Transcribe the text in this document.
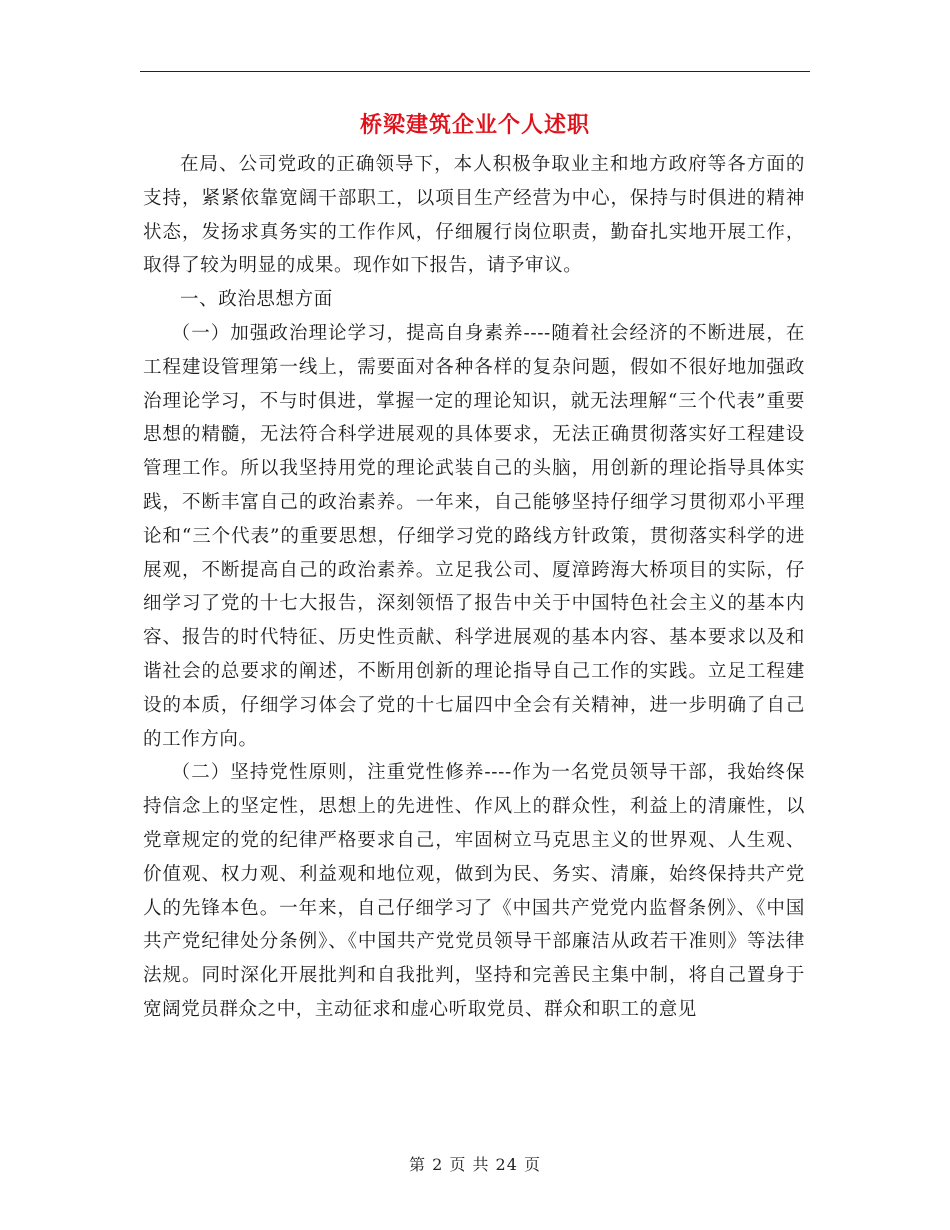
桥梁建筑企业个人述职

在局、公司党政的正确领导下，本人积极争取业主和地方政府等各方面的支持，紧紧依靠宽阔干部职工，以项目生产经营为中心，保持与时俱进的精神状态，发扬求真务实的工作作风，仔细履行岗位职责，勤奋扎实地开展工作，取得了较为明显的成果。现作如下报告，请予审议。

一、政治思想方面

（一）加强政治理论学习，提高自身素养----随着社会经济的不断进展，在工程建设管理第一线上，需要面对各种各样的复杂问题，假如不很好地加强政治理论学习，不与时俱进，掌握一定的理论知识，就无法理解“三个代表”重要思想的精髓，无法符合科学进展观的具体要求，无法正确贯彻落实好工程建设管理工作。所以我坚持用党的理论武装自己的头脑，用创新的理论指导具体实践，不断丰富自己的政治素养。一年来，自己能够坚持仔细学习贯彻邓小平理论和“三个代表”的重要思想，仔细学习党的路线方针政策，贯彻落实科学的进展观，不断提高自己的政治素养。立足我公司、厦漳跨海大桥项目的实际，仔细学习了党的十七大报告，深刻领悟了报告中关于中国特色社会主义的基本内容、报告的时代特征、历史性贡献、科学进展观的基本内容、基本要求以及和谐社会的总要求的阐述，不断用创新的理论指导自己工作的实践。立足工程建设的本质，仔细学习体会了党的十七届四中全会有关精神，进一步明确了自己的工作方向。

（二）坚持党性原则，注重党性修养----作为一名党员领导干部，我始终保持信念上的坚定性，思想上的先进性、作风上的群众性，利益上的清廉性，以党章规定的党的纪律严格要求自己，牢固树立马克思主义的世界观、人生观、价值观、权力观、利益观和地位观，做到为民、务实、清廉，始终保持共产党人的先锋本色。一年来，自己仔细学习了《中国共产党党内监督条例》、《中国共产党纪律处分条例》、《中国共产党党员领导干部廉洁从政若干准则》等法律法规。同时深化开展批判和自我批判，坚持和完善民主集中制，将自己置身于宽阔党员群众之中，主动征求和虚心听取党员、群众和职工的意见

第 2 页 共 24 页
